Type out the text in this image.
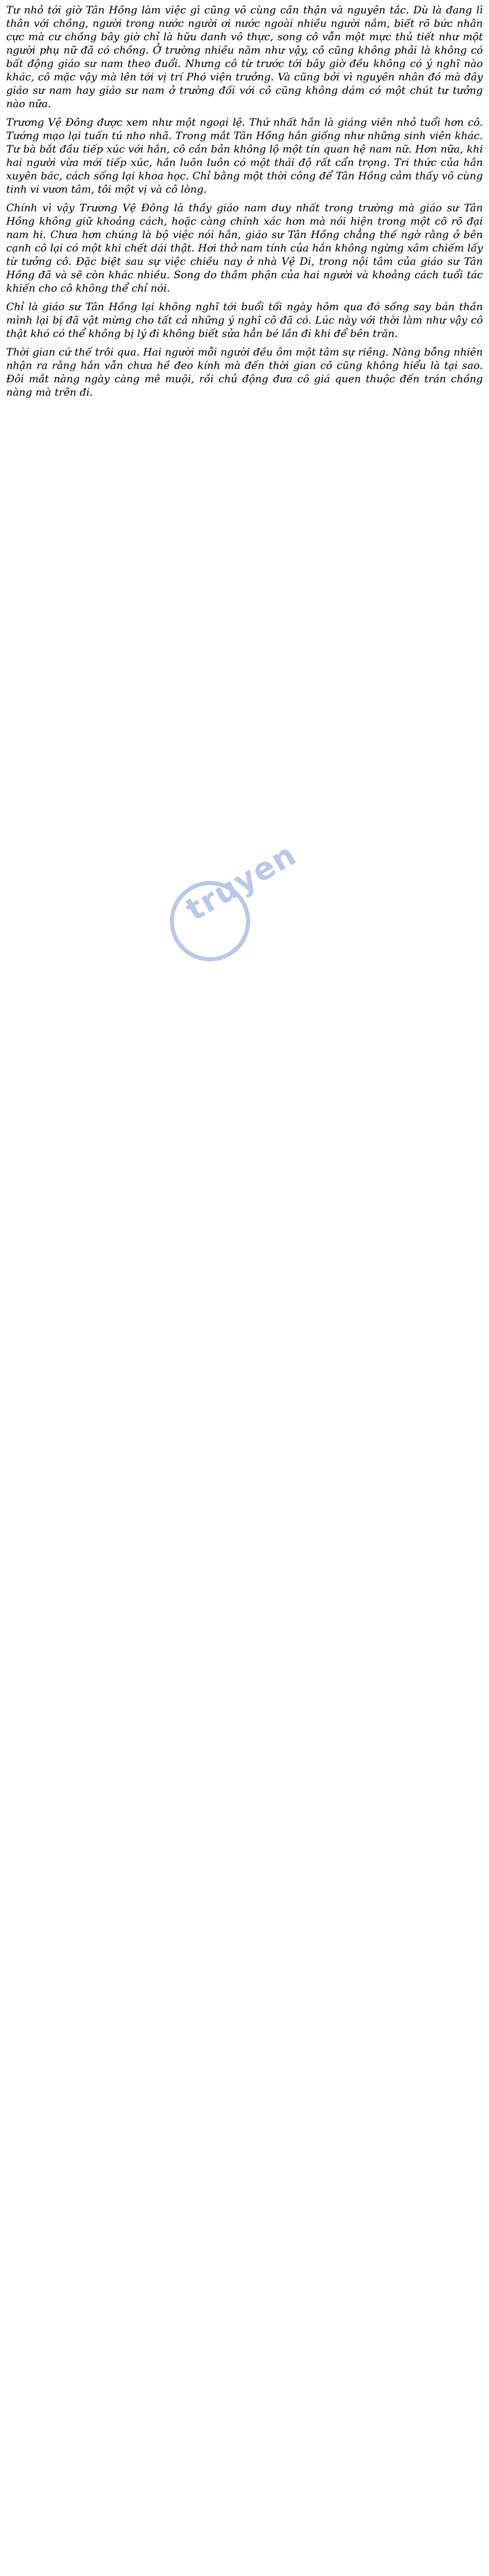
truyen

Tư nhỏ tới giờ Tân Hồng làm việc gì cũng vô cùng cần thận và nguyên tắc. Dù là đang lì thân với chồng, người trong nước người ơi nước ngoài nhiều người nắm, biết rõ bức nhân cực mà cư chồng bây giờ chỉ là hữu danh vô thực, song cô vẫn một mực thủ tiết như một người phụ nữ đã có chồng. Ở trường nhiều năm như vậy, cô cũng không phải là không có bất động giáo sư nam theo đuổi. Nhưng cô từ trước tới bây giờ đều không có ý nghĩ nào khác, cô mặc vậy mà lên tới vị trí Phó viện trưởng. Và cũng bởi vì nguyên nhân đó mà đây giáo sư nam hay giáo sư nam ở trường đối với cô cũng không dám có một chút tư tưởng nào nữa.

Trương Vệ Đông được xem như một ngoại lệ. Thứ nhất hắn là giáng viên nhỏ tuổi hơn cô. Tướng mạo lại tuấn tú nho nhã. Trong mắt Tân Hồng hắn giống như những sinh viên khác. Tư bà bắt đầu tiếp xúc với hắn, cô cần bản không lộ một tín quan hệ nam nữ. Hơn nữa, khi hai người vừa mới tiếp xúc, hắn luôn luôn có một thái độ rất cẩn trọng. Tri thức của hắn xuyên bác, cách sống lại khoa học. Chỉ bằng một thời công để Tân Hồng cảm thấy vô cùng tinh vi vươn tâm, tôi một vị và cô lòng.

Chính vì vậy Trương Vệ Đông là thầy giáo nam duy nhất trong trường mà giáo sư Tân Hồng không giữ khoảng cách, hoặc càng chính xác hơn mà nói hiện trong một cõ rõ đại nam hi. Chưa hơn chúng là bộ việc nói hắn, giáo sư Tân Hồng chẳng thế ngờ rằng ở bên cạnh cô lại có một khi chết dái thật. Hơi thở nam tính của hắn không ngừng xâm chiếm lấy từ tưởng cô. Đặc biệt sau sự việc chiều nay ở nhà Vệ Di, trong nội tâm của giáo sư Tân Hồng đã và sẽ còn khác nhiều. Song do thầm phận của hai người và khoảng cách tuổi tác khiến cho cô không thể chỉ nói.

Chỉ là giáo sư Tân Hồng lại không nghĩ tới buổi tối ngày hôm qua đó sống say bán thần mình lại bị đã vật mừng cho tất cả những ý nghĩ cô đã có. Lúc này với thời làm như vậy cô thật khó có thể không bị lý đi không biết sửa hẳn bé lần đi khi để bên trăn.

Thời gian cứ thế trôi qua. Hai người mỗi người đều ôm một tâm sự riêng. Nàng bỗng nhiên nhận ra rằng hắn vẫn chưa hề đeo kính mà đến thời gian cô cũng không hiểu là tại sao. Đôi mắt nàng ngày càng mê muội, rồi chủ động đưa cô giá quen thuộc đến trán chồng nàng mà trên đi.
